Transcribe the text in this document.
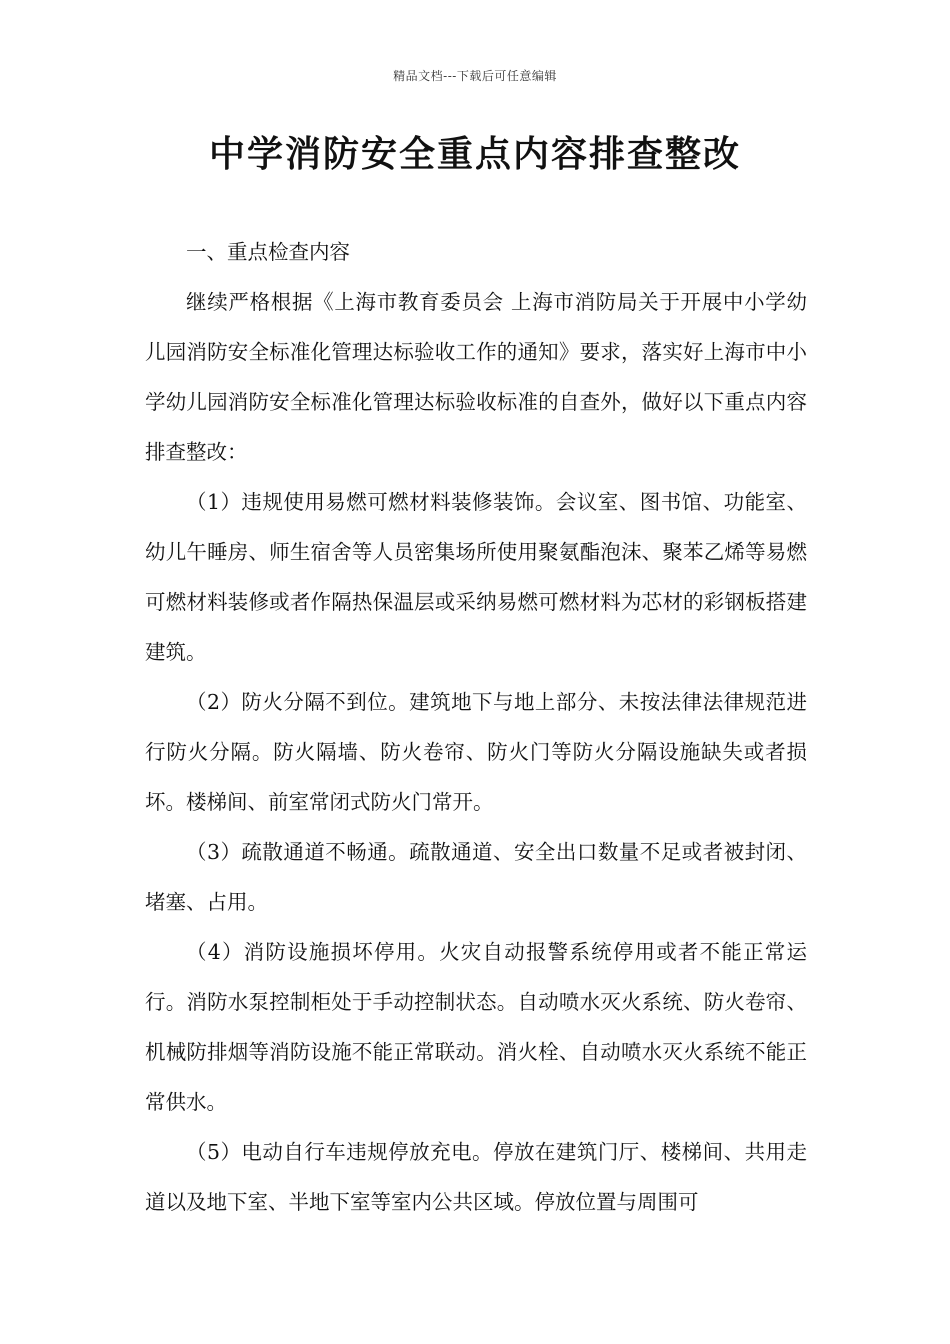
精品文档---下载后可任意编辑
中学消防安全重点内容排查整改

一、重点检查内容

继续严格根据《上海市教育委员会 上海市消防局关于开展中小学幼儿园消防安全标准化管理达标验收工作的通知》要求，落实好上海市中小学幼儿园消防安全标准化管理达标验收标准的自查外，做好以下重点内容排查整改：

（1）违规使用易燃可燃材料装修装饰。会议室、图书馆、功能室、幼儿午睡房、师生宿舍等人员密集场所使用聚氨酯泡沫、聚苯乙烯等易燃可燃材料装修或者作隔热保温层或采纳易燃可燃材料为芯材的彩钢板搭建建筑。

（2）防火分隔不到位。建筑地下与地上部分、未按法律法律规范进行防火分隔。防火隔墙、防火卷帘、防火门等防火分隔设施缺失或者损坏。楼梯间、前室常闭式防火门常开。

（3）疏散通道不畅通。疏散通道、安全出口数量不足或者被封闭、堵塞、占用。

（4）消防设施损坏停用。火灾自动报警系统停用或者不能正常运行。消防水泵控制柜处于手动控制状态。自动喷水灭火系统、防火卷帘、机械防排烟等消防设施不能正常联动。消火栓、自动喷水灭火系统不能正常供水。

（5）电动自行车违规停放充电。停放在建筑门厅、楼梯间、共用走道以及地下室、半地下室等室内公共区域。停放位置与周围可
